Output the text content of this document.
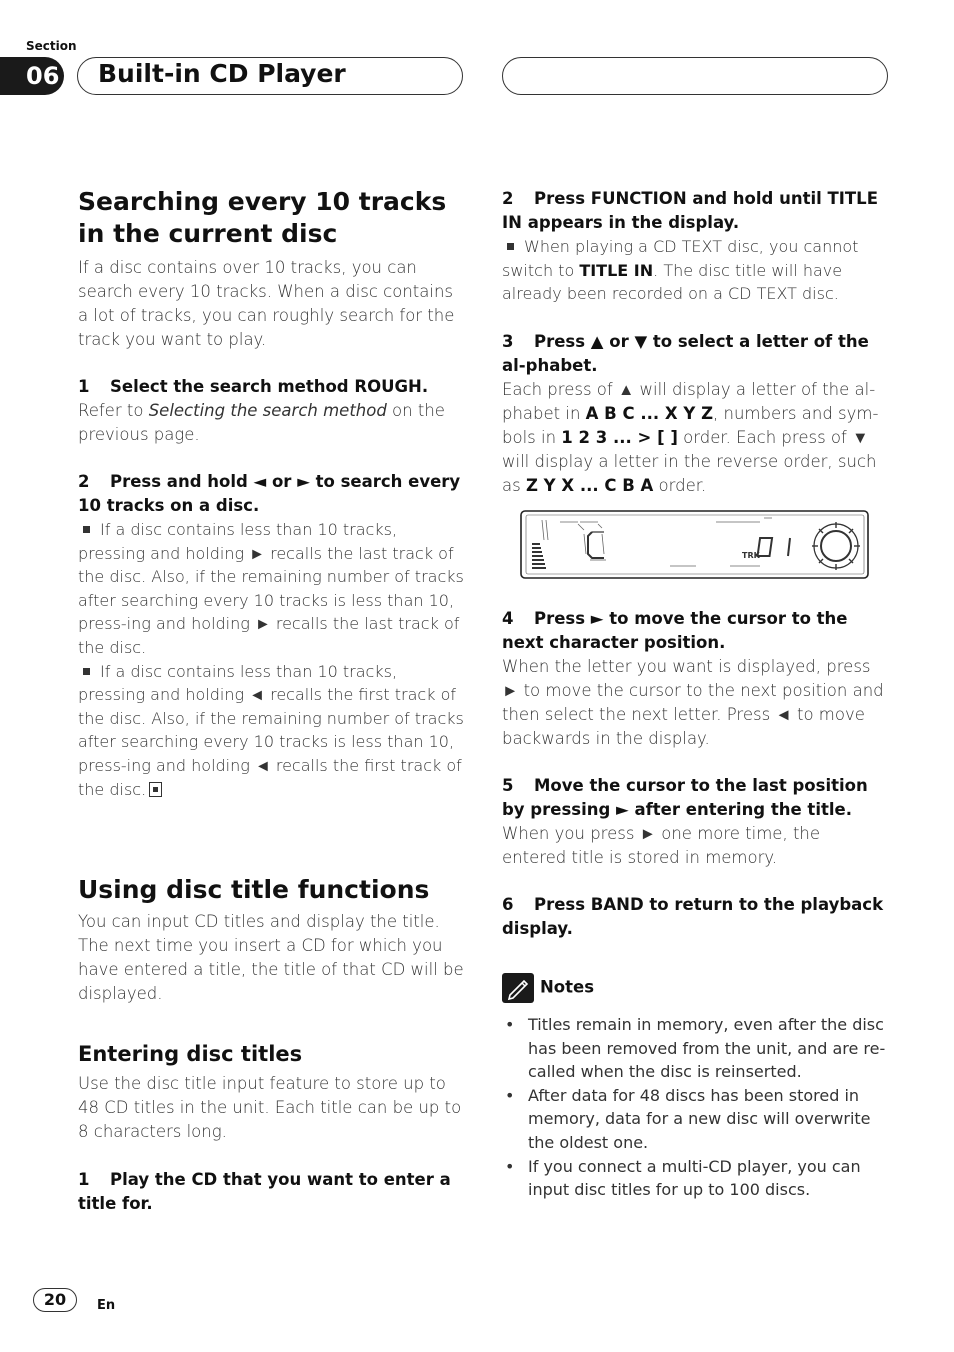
Section
06 Built-in CD Player
Searching every 10 tracks in the current disc

If a disc contains over 10 tracks, you can search every 10 tracks. When a disc contains a lot of tracks, you can roughly search for the track you want to play.

1 Select the search method ROUGH.

Refer to Selecting the search method on the previous page.

2 Press and hold ◄ or ► to search every 10 tracks on a disc.

If a disc contains less than 10 tracks, pressing and holding ► recalls the last track of the disc. Also, if the remaining number of tracks after searching every 10 tracks is less than 10, press-ing and holding ► recalls the last track of the disc.

If a disc contains less than 10 tracks, pressing and holding ◄ recalls the first track of the disc. Also, if the remaining number of tracks after searching every 10 tracks is less than 10, press-ing and holding ◄ recalls the first track of the disc.

Using disc title functions

You can input CD titles and display the title. The next time you insert a CD for which you have entered a title, the title of that CD will be displayed.

Entering disc titles

Use the disc title input feature to store up to 48 CD titles in the unit. Each title can be up to 8 characters long.

1 Play the CD that you want to enter a title for.
2 Press FUNCTION and hold until TITLE IN appears in the display.

When playing a CD TEXT disc, you cannot switch to TITLE IN. The disc title will have already been recorded on a CD TEXT disc.

3 Press ▲ or ▼ to select a letter of the al-phabet.

Each press of ▲ will display a letter of the al-phabet in A B C ... X Y Z, numbers and sym-bols in 1 2 3 ... > [ ] order. Each press of ▼ will display a letter in the reverse order, such as Z Y X ... C B A order.

TRK
4 Press ► to move the cursor to the next character position.

When the letter you want is displayed, press ► to move the cursor to the next position and then select the next letter. Press ◄ to move backwards in the display.

5 Move the cursor to the last position by pressing ► after entering the title.

When you press ► one more time, the entered title is stored in memory.

6 Press BAND to return to the playback display.
Notes
• Titles remain in memory, even after the disc has been removed from the unit, and are re-called when the disc is reinserted.
• After data for 48 discs has been stored in memory, data for a new disc will overwrite the oldest one.
• If you connect a multi-CD player, you can input disc titles for up to 100 discs.
20	En
